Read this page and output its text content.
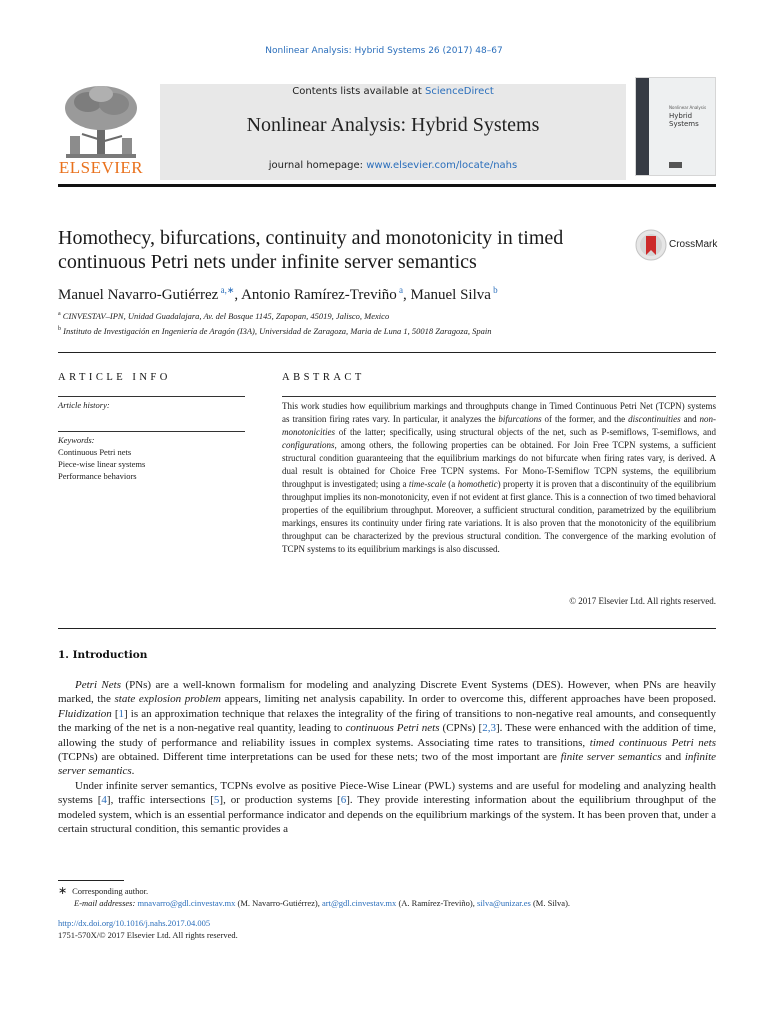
Nonlinear Analysis: Hybrid Systems 26 (2017) 48–67
ELSEVIER
Contents lists available at ScienceDirect
Nonlinear Analysis: Hybrid Systems
journal homepage: www.elsevier.com/locate/nahs
Nonlinear Analysis
Hybrid
Systems
Homothecy, bifurcations, continuity and monotonicity in timed continuous Petri nets under infinite server semantics
CrossMark
Manuel Navarro-Gutiérrez $^{a,∗}$, Antonio Ramírez-Treviño $^a$, Manuel Silva $^b$
$^a$ CINVESTAV–IPN, Unidad Guadalajara, Av. del Bosque 1145, Zapopan, 45019, Jalisco, Mexico
$^b$ Instituto de Investigación en Ingeniería de Aragón (I3A), Universidad de Zaragoza, Maria de Luna 1, 50018 Zaragoza, Spain
ARTICLE INFO
Article history:
Keywords:
Continuous Petri nets
Piece-wise linear systems
Performance behaviors
ABSTRACT
This work studies how equilibrium markings and throughputs change in Timed Continuous Petri Net (TCPN) systems as transition firing rates vary. In particular, it analyzes the bifurcations of the former, and the discontinuities and non-monotonicities of the latter; specifically, using structural objects of the net, such as P-semiflows, T-semiflows, and configurations, among others, the following properties can be obtained. For Join Free TCPN systems, a sufficient structural condition guaranteeing that the equilibrium markings do not bifurcate when firing rates vary, is derived. A dual result is obtained for Choice Free TCPN systems. For Mono-T-Semiflow TCPN systems, the equilibrium throughput is investigated; using a time-scale (a homothetic) property it is proven that a discontinuity of the equilibrium throughput implies its non-monotonicity, even if not evident at first glance. This is a connection of two timed behavioral properties of the equilibrium throughput. Moreover, a sufficient structural condition, parametrized by the equilibrium markings, ensures its continuity under firing rate variations. It is also proven that the monotonicity of the equilibrium throughput can be characterized by the previous structural condition. The convergence of the marking evolution of TCPN systems to its equilibrium markings is also discussed.
© 2017 Elsevier Ltd. All rights reserved.
1. Introduction

Petri Nets (PNs) are a well-known formalism for modeling and analyzing Discrete Event Systems (DES). However, when PNs are heavily marked, the state explosion problem appears, limiting net analysis capability. In order to overcome this, different approaches have been proposed. Fluidization [1] is an approximation technique that relaxes the integrality of the firing of transitions to non-negative real amounts, and consequently the marking of the net is a non-negative real quantity, leading to continuous Petri nets (CPNs) [2,3]. These were enhanced with the addition of time, allowing the study of performance and reliability issues in complex systems. Associating time rates to transitions, timed continuous Petri nets (TCPNs) are obtained. Different time interpretations can be used for these nets; two of the most important are finite server semantics and infinite server semantics.

Under infinite server semantics, TCPNs evolve as positive Piece-Wise Linear (PWL) systems and are useful for modeling and analyzing health systems [4], traffic intersections [5], or production systems [6]. They provide interesting information about the equilibrium throughput of the modeled system, which is an essential performance indicator and depends on the equilibrium markings of the system. It has been proven that, under a certain structural condition, this semantic provides a

∗ Corresponding author.
E-mail addresses: mnavarro@gdl.cinvestav.mx (M. Navarro-Gutiérrez), art@gdl.cinvestav.mx (A. Ramírez-Treviño), silva@unizar.es (M. Silva).
http://dx.doi.org/10.1016/j.nahs.2017.04.005
1751-570X/© 2017 Elsevier Ltd. All rights reserved.
